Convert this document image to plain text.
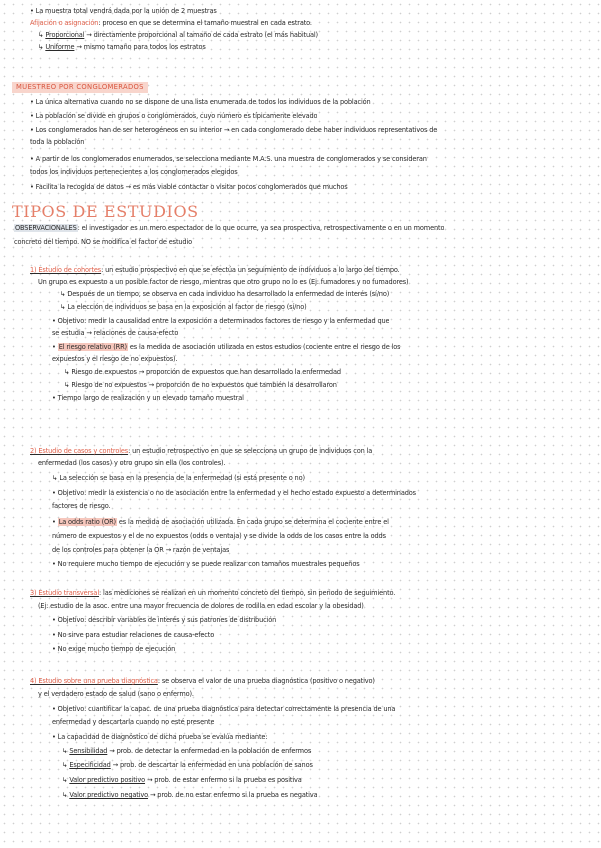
• La muestra total vendrá dada por la unión de 2 muestras
Afijación o asignación: proceso en que se determina el tamaño muestral en cada estrato.
↳ Proporcional → directamente proporcional al tamaño de cada estrato (el más habitual)
↳ Uniforme → mismo tamaño para todos los estratos
MUESTREO POR CONGLOMERADOS
• La única alternativa cuando no se dispone de una lista enumerada de todos los individuos de la población
• La población se divide en grupos o conglomerados, cuyo número es típicamente elevado
• Los conglomerados han de ser heterogéneos en su interior → en cada conglomerado debe haber individuos representativos de
toda la población
• A partir de los conglomerados enumerados, se selecciona mediante M.A.S. una muestra de conglomerados y se consideran
todos los individuos pertenecientes a los conglomerados elegidos
• Facilita la recogida de datos → es más viable contactar o visitar pocos conglomerados que muchos
TIPOS DE ESTUDIOS
OBSERVACIONALES: el investigador es un mero espectador de lo que ocurre, ya sea prospectiva, retrospectivamente o en un momento
concreto del tiempo. NO se modifica el factor de estudio
1) Estudio de cohortes: un estudio prospectivo en que se efectúa un seguimiento de individuos a lo largo del tiempo.
Un grupo es expuesto a un posible factor de riesgo, mientras que otro grupo no lo es (Ej: fumadores y no fumadores)
↳ Después de un tiempo, se observa en cada individuo ha desarrollado la enfermedad de interés (sí/no)
↳ La elección de individuos se basa en la exposición al factor de riesgo (sí/no)
• Objetivo: medir la causalidad entre la exposición a determinados factores de riesgo y la enfermedad que
se estudia → relaciones de causa-efecto
• El riesgo relativo (RR) es la medida de asociación utilizada en estos estudios (cociente entre el riesgo de los
expuestos y el riesgo de no expuestos).
↳ Riesgo de expuestos → proporción de expuestos que han desarrollado la enfermedad
↳ Riesgo de no expuestos → proporción de no expuestos que también la desarrollaron
• Tiempo largo de realización y un elevado tamaño muestral
2) Estudio de casos y controles: un estudio retrospectivo en que se selecciona un grupo de individuos con la
enfermedad (los casos) y otro grupo sin ella (los controles).
↳ La selección se basa en la presencia de la enfermedad (si está presente o no)
• Objetivo: medir la existencia o no de asociación entre la enfermedad y el hecho estado expuesto a determinados
factores de riesgo.
• La odds ratio (OR) es la medida de asociación utilizada. En cada grupo se determina el cociente entre el
número de expuestos y el de no expuestos (odds o ventaja) y se divide la odds de los casos entre la odds
de los controles para obtener la OR → razón de ventajas
• No requiere mucho tiempo de ejecución y se puede realizar con tamaños muestrales pequeños
3) Estudio transversal: las mediciones se realizan en un momento concreto del tiempo, sin periodo de seguimiento.
(Ej: estudio de la asoc. entre una mayor frecuencia de dolores de rodilla en edad escolar y la obesidad)
• Objetivo: describir variables de interés y sus patrones de distribución
• No sirve para estudiar relaciones de causa-efecto
• No exige mucho tiempo de ejecución
4) Estudio sobre una prueba diagnóstica: se observa el valor de una prueba diagnóstica (positivo o negativo)
y el verdadero estado de salud (sano o enfermo).
• Objetivo: cuantificar la capac. de una prueba diagnóstica para detectar correctamente la presencia de una
enfermedad y descartarla cuando no esté presente
• La capacidad de diagnóstico de dicha prueba se evalúa mediante:
↳ Sensibilidad → prob. de detectar la enfermedad en la población de enfermos
↳ Especificidad → prob. de descartar la enfermedad en una población de sanos
↳ Valor predictivo positivo → prob. de estar enfermo si la prueba es positiva
↳ Valor predictivo negativo → prob. de no estar enfermo si la prueba es negativa
